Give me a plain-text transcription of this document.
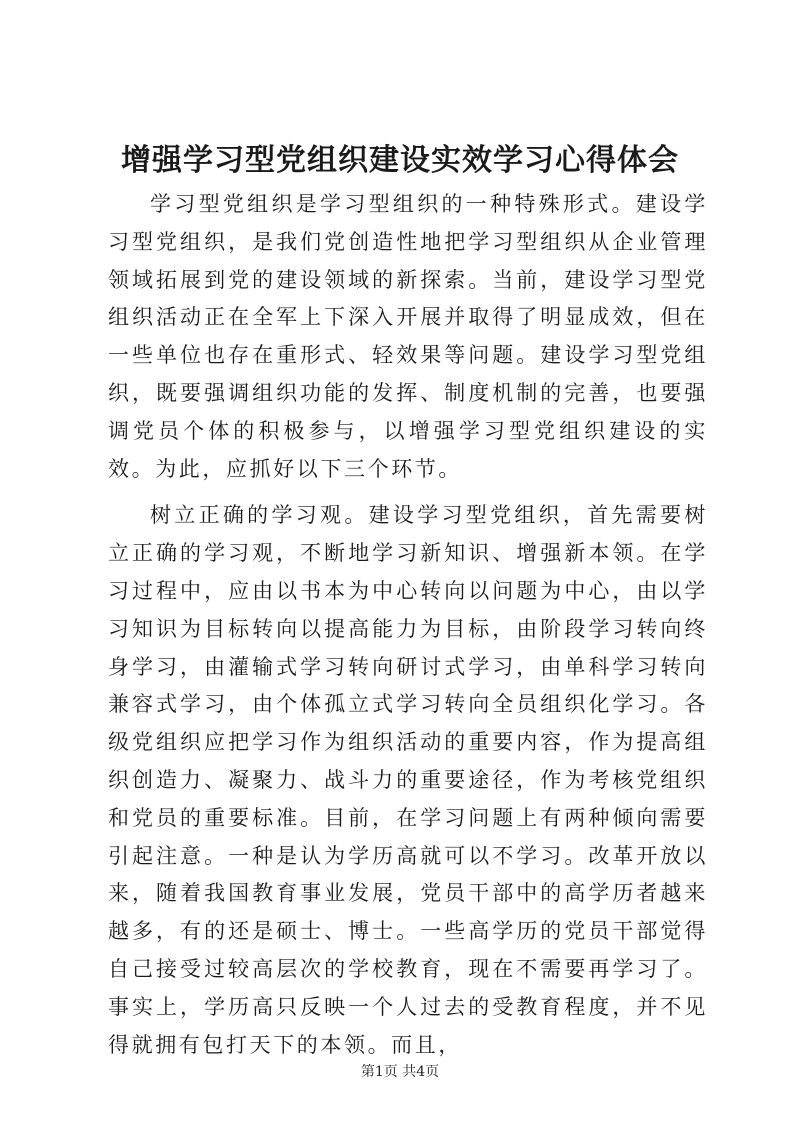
增强学习型党组织建设实效学习心得体会

学习型党组织是学习型组织的一种特殊形式。建设学习型党组织，是我们党创造性地把学习型组织从企业管理领域拓展到党的建设领域的新探索。当前，建设学习型党组织活动正在全军上下深入开展并取得了明显成效，但在一些单位也存在重形式、轻效果等问题。建设学习型党组织，既要强调组织功能的发挥、制度机制的完善，也要强调党员个体的积极参与，以增强学习型党组织建设的实效。为此，应抓好以下三个环节。

树立正确的学习观。建设学习型党组织，首先需要树立正确的学习观，不断地学习新知识、增强新本领。在学习过程中，应由以书本为中心转向以问题为中心，由以学习知识为目标转向以提高能力为目标，由阶段学习转向终身学习，由灌输式学习转向研讨式学习，由单科学习转向兼容式学习，由个体孤立式学习转向全员组织化学习。各级党组织应把学习作为组织活动的重要内容，作为提高组织创造力、凝聚力、战斗力的重要途径，作为考核党组织和党员的重要标准。目前，在学习问题上有两种倾向需要引起注意。一种是认为学历高就可以不学习。改革开放以来，随着我国教育事业发展，党员干部中的高学历者越来越多，有的还是硕士、博士。一些高学历的党员干部觉得自己接受过较高层次的学校教育，现在不需要再学习了。事实上，学历高只反映一个人过去的受教育程度，并不见得就拥有包打天下的本领。而且，

第1页 共4页
